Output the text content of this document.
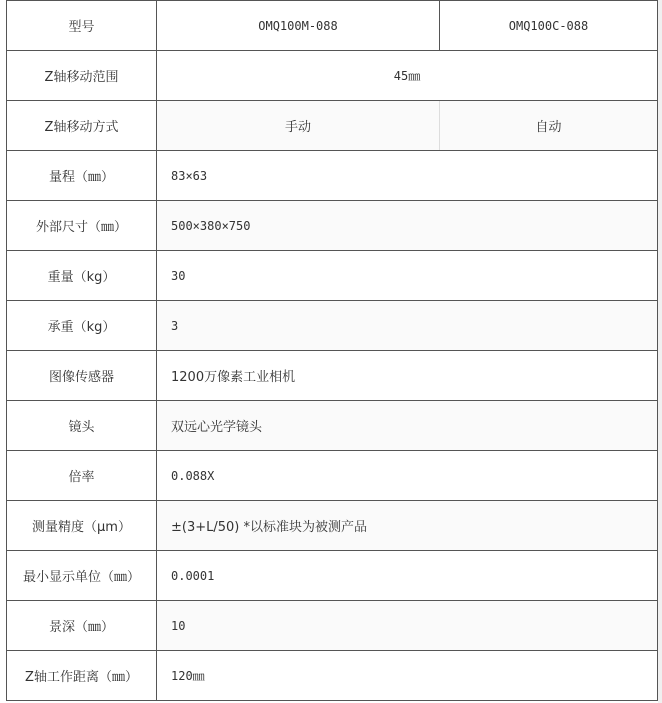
型号	OMQ100M-088	OMQ100C-088
Z轴移动范围	45㎜	
Z轴移动方式	手动	自动
量程（㎜）	83×63	
外部尺寸（㎜）	500×380×750	
重量（kg）	30	
承重（kg）	3	
图像传感器	1200万像素工业相机	
镜头	双远心光学镜头	
倍率	0.088X	
测量精度（μm）	±(3+L/50) *以标准块为被测产品	
最小显示单位（㎜）	0.0001	
景深（㎜）	10	
Z轴工作距离（㎜）	120㎜	
